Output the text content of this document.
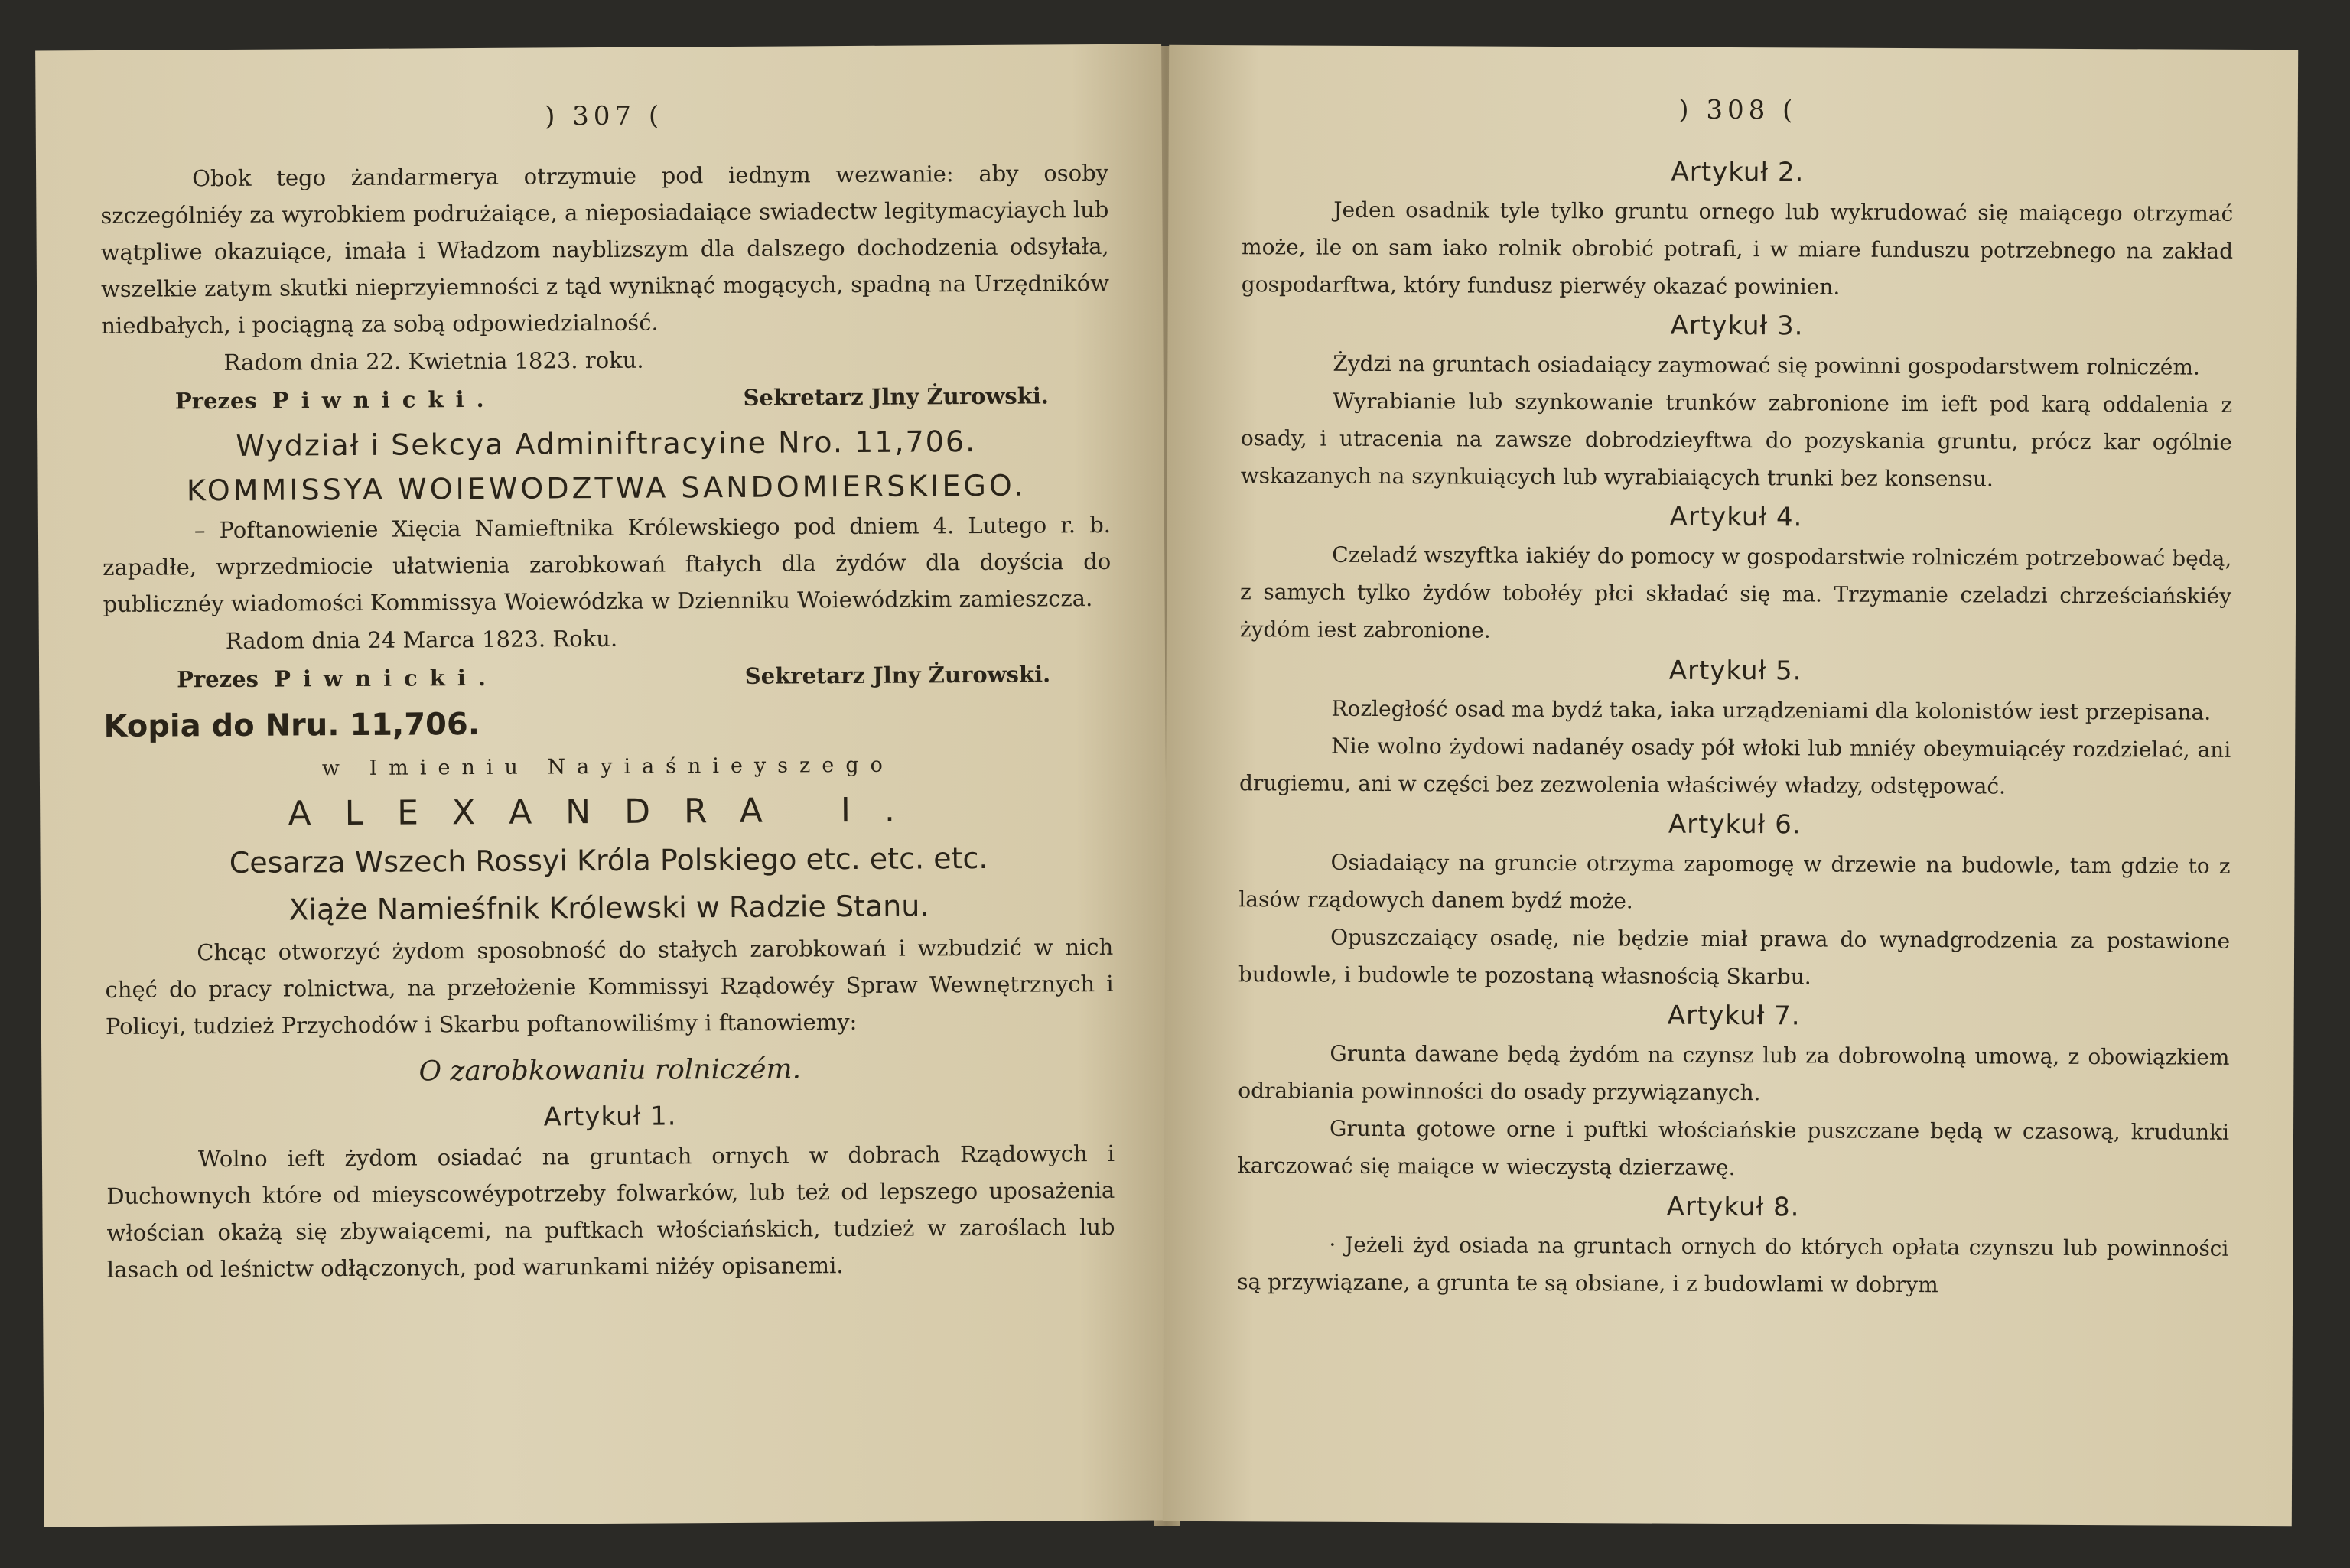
) 307 (

Obok tego żandarmerya otrzymuie pod iednym wezwanie: aby osoby szczególniéy za wyrobkiem podrużaiące, a nieposiadaiące swiadectw legitymacyiaych lub wątpliwe okazuiące, imała i Władzom nayblizszym dla dalszego dochodzenia odsyłała, wszelkie zatym skutki nieprzyiemności z tąd wyniknąć mogących, spadną na Urzędników niedbałych, i pociągną za sobą odpowiedzialność.

Radom dnia 22. Kwietnia 1823. roku.
Prezes Piwnicki.	Sekretarz Jlny Żurowski.
Wydział i Sekcya Adminiftracyine Nro. 11,706.
KOMMISSYA WOIEWODZTWA SANDOMIERSKIEGO.

– Poftanowienie Xięcia Namieftnika Królewskiego pod dniem 4. Lutego r. b. zapadłe, wprzedmiocie ułatwienia zarobkowań ftałych dla żydów dla doyścia do publicznéy wiadomości Kommissya Woiewódzka w Dzienniku Woiewódzkim zamieszcza.

Radom dnia 24 Marca 1823. Roku.
Prezes Piwnicki.	Sekretarz Jlny Żurowski.
Kopia do Nru. 11,706.
w Imieniu Nayiaśnieyszego
ALEXANDRA I.
Cesarza Wszech Rossyi Króla Polskiego etc. etc. etc.
Xiąże Namieśfnik Królewski w Radzie Stanu.

Chcąc otworzyć żydom sposobność do stałych zarobkowań i wzbudzić w nich chęć do pracy rolnictwa, na przełożenie Kommissyi Rządowéy Spraw Wewnętrznych i Policyi, tudzież Przychodów i Skarbu poftanowiliśmy i ftanowiemy:

O zarobkowaniu rolniczém.
Artykuł 1.

Wolno ieft żydom osiadać na gruntach ornych w dobrach Rządowych i Duchownych które od mieyscowéypotrzeby folwarków, lub też od lepszego uposażenia włościan okażą się zbywaiącemi, na puftkach włościańskich, tudzież w zaroślach lub lasach od leśnictw odłączonych, pod warunkami niżéy opisanemi.

) 308 (
Artykuł 2.

Jeden osadnik tyle tylko gruntu ornego lub wykrudować się maiącego otrzymać może, ile on sam iako rolnik obrobić potrafi, i w miare funduszu potrzebnego na zakład gospodarftwa, który fundusz pierwéy okazać powinien.

Artykuł 3.

Żydzi na gruntach osiadaiący zaymować się powinni gospodarstwem rolniczém.

Wyrabianie lub szynkowanie trunków zabronione im ieft pod karą oddalenia z osady, i utracenia na zawsze dobrodzieyftwa do pozyskania gruntu, prócz kar ogólnie wskazanych na szynkuiących lub wyrabiaiących trunki bez konsensu.

Artykuł 4.

Czeladź wszyftka iakiéy do pomocy w gospodarstwie rolniczém potrzebować będą, z samych tylko żydów tobołéy płci składać się ma. Trzymanie czeladzi chrześciańskiéy żydóm iest zabronione.

Artykuł 5.

Rozległość osad ma bydź taka, iaka urządzeniami dla kolonistów iest przepisana.

Nie wolno żydowi nadanéy osady pół włoki lub mniéy obeymuiącéy rozdzielać, ani drugiemu, ani w części bez zezwolenia właściwéy władzy, odstępować.

Artykuł 6.

Osiadaiący na gruncie otrzyma zapomogę w drzewie na budowle, tam gdzie to z lasów rządowych danem bydź może.

Opuszczaiący osadę, nie będzie miał prawa do wynadgrodzenia za postawione budowle, i budowle te pozostaną własnością Skarbu.

Artykuł 7.

Grunta dawane będą żydóm na czynsz lub za dobrowolną umową, z obowiązkiem odrabiania powinności do osady przywiązanych.

Grunta gotowe orne i puftki włościańskie puszczane będą w czasową, krudunki karczować się maiące w wieczystą dzierzawę.

Artykuł 8.

· Jeżeli żyd osiada na gruntach ornych do których opłata czynszu lub powinności są przywiązane, a grunta te są obsiane, i z budowlami w dobrym
